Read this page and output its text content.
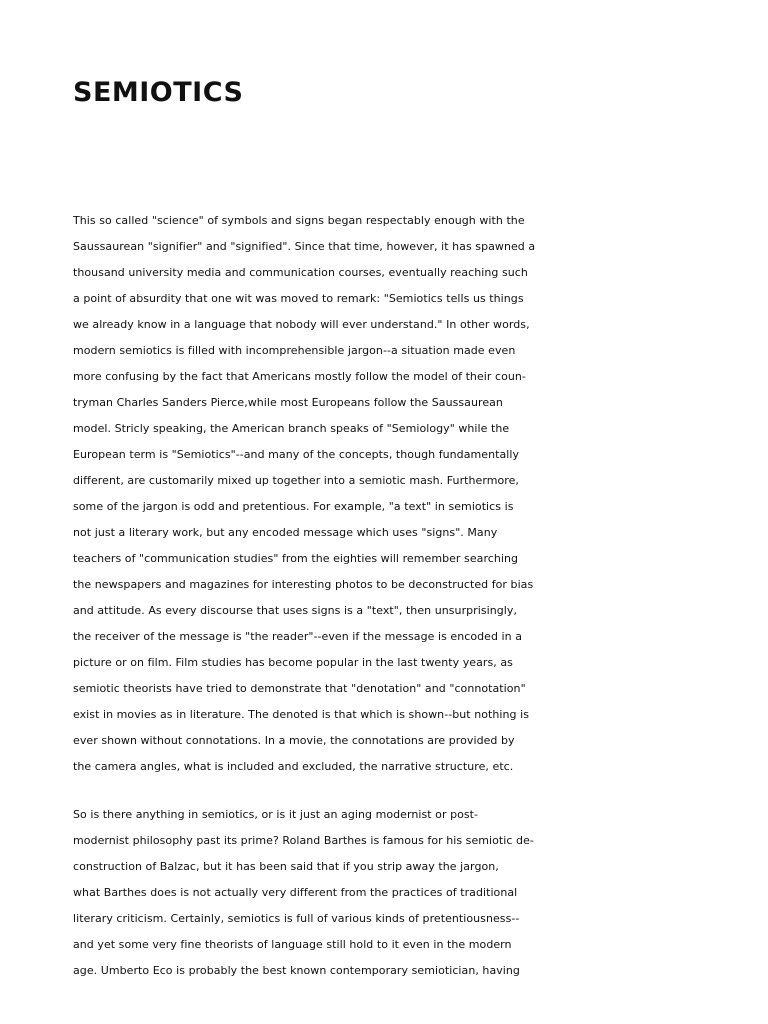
SEMIOTICS
This so called "science" of symbols and signs began respectably enough with the
Saussaurean "signifier" and "signified". Since that time, however, it has spawned a
thousand university media and communication courses, eventually reaching such
a point of absurdity that one wit was moved to remark: "Semiotics tells us things
we already know in a language that nobody will ever understand." In other words,
modern semiotics is filled with incomprehensible jargon--a situation made even
more confusing by the fact that Americans mostly follow the model of their coun-
tryman Charles Sanders Pierce,while most Europeans follow the Saussaurean
model. Stricly speaking, the American branch speaks of "Semiology" while the
European term is "Semiotics"--and many of the concepts, though fundamentally
different, are customarily mixed up together into a semiotic mash. Furthermore,
some of the jargon is odd and pretentious. For example, "a text" in semiotics is
not just a literary work, but any encoded message which uses "signs". Many
teachers of "communication studies" from the eighties will remember searching
the newspapers and magazines for interesting photos to be deconstructed for bias
and attitude. As every discourse that uses signs is a "text", then unsurprisingly,
the receiver of the message is "the reader"--even if the message is encoded in a
picture or on film. Film studies has become popular in the last twenty years, as
semiotic theorists have tried to demonstrate that "denotation" and "connotation"
exist in movies as in literature. The denoted is that which is shown--but nothing is
ever shown without connotations. In a movie, the connotations are provided by
the camera angles, what is included and excluded, the narrative structure, etc.
So is there anything in semiotics, or is it just an aging modernist or post-
modernist philosophy past its prime? Roland Barthes is famous for his semiotic de-
construction of Balzac, but it has been said that if you strip away the jargon,
what Barthes does is not actually very different from the practices of traditional
literary criticism. Certainly, semiotics is full of various kinds of pretentiousness--
and yet some very fine theorists of language still hold to it even in the modern
age. Umberto Eco is probably the best known contemporary semiotician, having
